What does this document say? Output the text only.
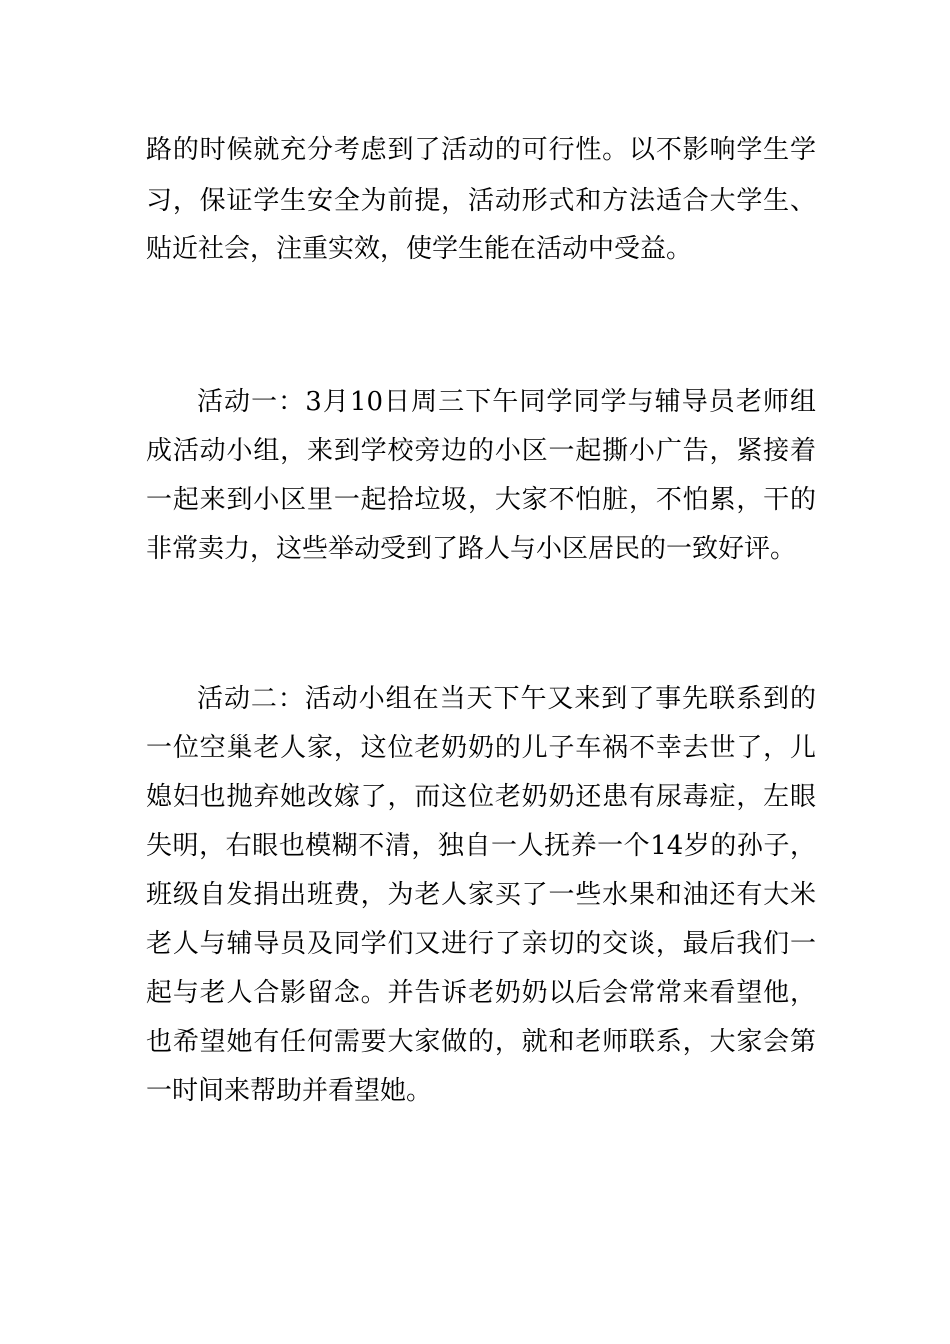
路的时候就充分考虑到了活动的可行性。以不影响学生学
习，保证学生安全为前提，活动形式和方法适合大学生、
贴近社会，注重实效，使学生能在活动中受益。
活动一：3月10日周三下午同学同学与辅导员老师组
成活动小组，来到学校旁边的小区一起撕小广告，紧接着
一起来到小区里一起拾垃圾，大家不怕脏，不怕累，干的
非常卖力，这些举动受到了路人与小区居民的一致好评。
活动二：活动小组在当天下午又来到了事先联系到的
一位空巢老人家，这位老奶奶的儿子车祸不幸去世了，儿
媳妇也抛弃她改嫁了，而这位老奶奶还患有尿毒症，左眼
失明，右眼也模糊不清，独自一人抚养一个14岁的孙子，
班级自发捐出班费，为老人家买了一些水果和油还有大米
老人与辅导员及同学们又进行了亲切的交谈，最后我们一
起与老人合影留念。并告诉老奶奶以后会常常来看望他，
也希望她有任何需要大家做的，就和老师联系，大家会第
一时间来帮助并看望她。
